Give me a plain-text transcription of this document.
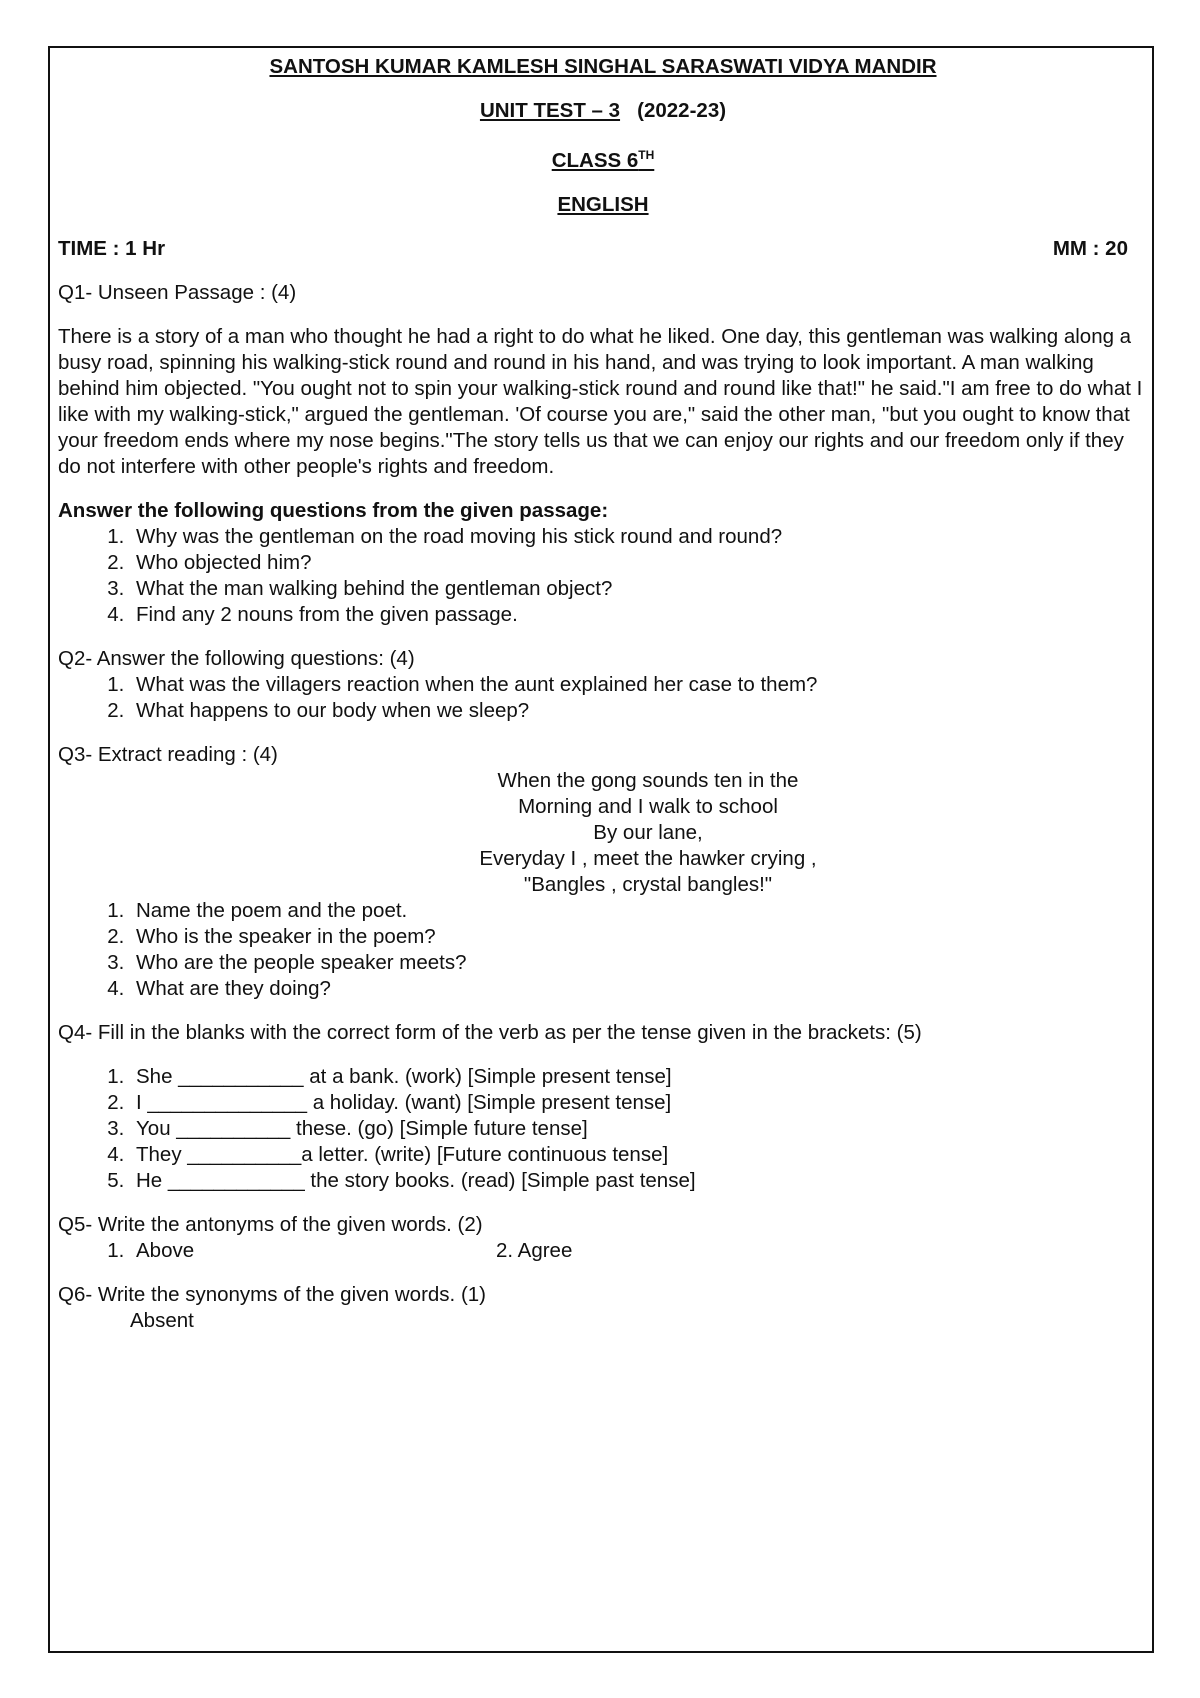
SANTOSH KUMAR KAMLESH SINGHAL SARASWATI VIDYA MANDIR
UNIT TEST – 3 (2022-23)
CLASS 6TH
ENGLISH
TIME : 1 Hr	MM : 20

Q1- Unseen Passage : (4)

There is a story of a man who thought he had a right to do what he liked. One day, this gentleman was walking along a busy road, spinning his walking-stick round and round in his hand, and was trying to look important. A man walking behind him objected. "You ought not to spin your walking-stick round and round like that!" he said."I am free to do what I like with my walking-stick," argued the gentleman. 'Of course you are," said the other man, "but you ought to know that your freedom ends where my nose begins."The story tells us that we can enjoy our rights and our freedom only if they do not interfere with other people's rights and freedom.

Answer the following questions from the given passage:

1. Why was the gentleman on the road moving his stick round and round?
2. Who objected him?
3. What the man walking behind the gentleman object?
4. Find any 2 nouns from the given passage.

Q2- Answer the following questions: (4)

1. What was the villagers reaction when the aunt explained her case to them?
2. What happens to our body when we sleep?

Q3- Extract reading : (4)

When the gong sounds ten in the
Morning and I walk to school
By our lane,
Everyday I , meet the hawker crying ,
"Bangles , crystal bangles!"
1. Name the poem and the poet.
2. Who is the speaker in the poem?
3. Who are the people speaker meets?
4. What are they doing?

Q4- Fill in the blanks with the correct form of the verb as per the tense given in the brackets: (5)

1. She ___________ at a bank. (work) [Simple present tense]
2. I ______________ a holiday. (want) [Simple present tense]
3. You __________ these. (go) [Simple future tense]
4. They __________a letter. (write) [Future continuous tense]
5. He ____________ the story books. (read) [Simple past tense]

Q5- Write the antonyms of the given words. (2)

1. Above	2. Agree

Q6- Write the synonyms of the given words. (1)

Absent
